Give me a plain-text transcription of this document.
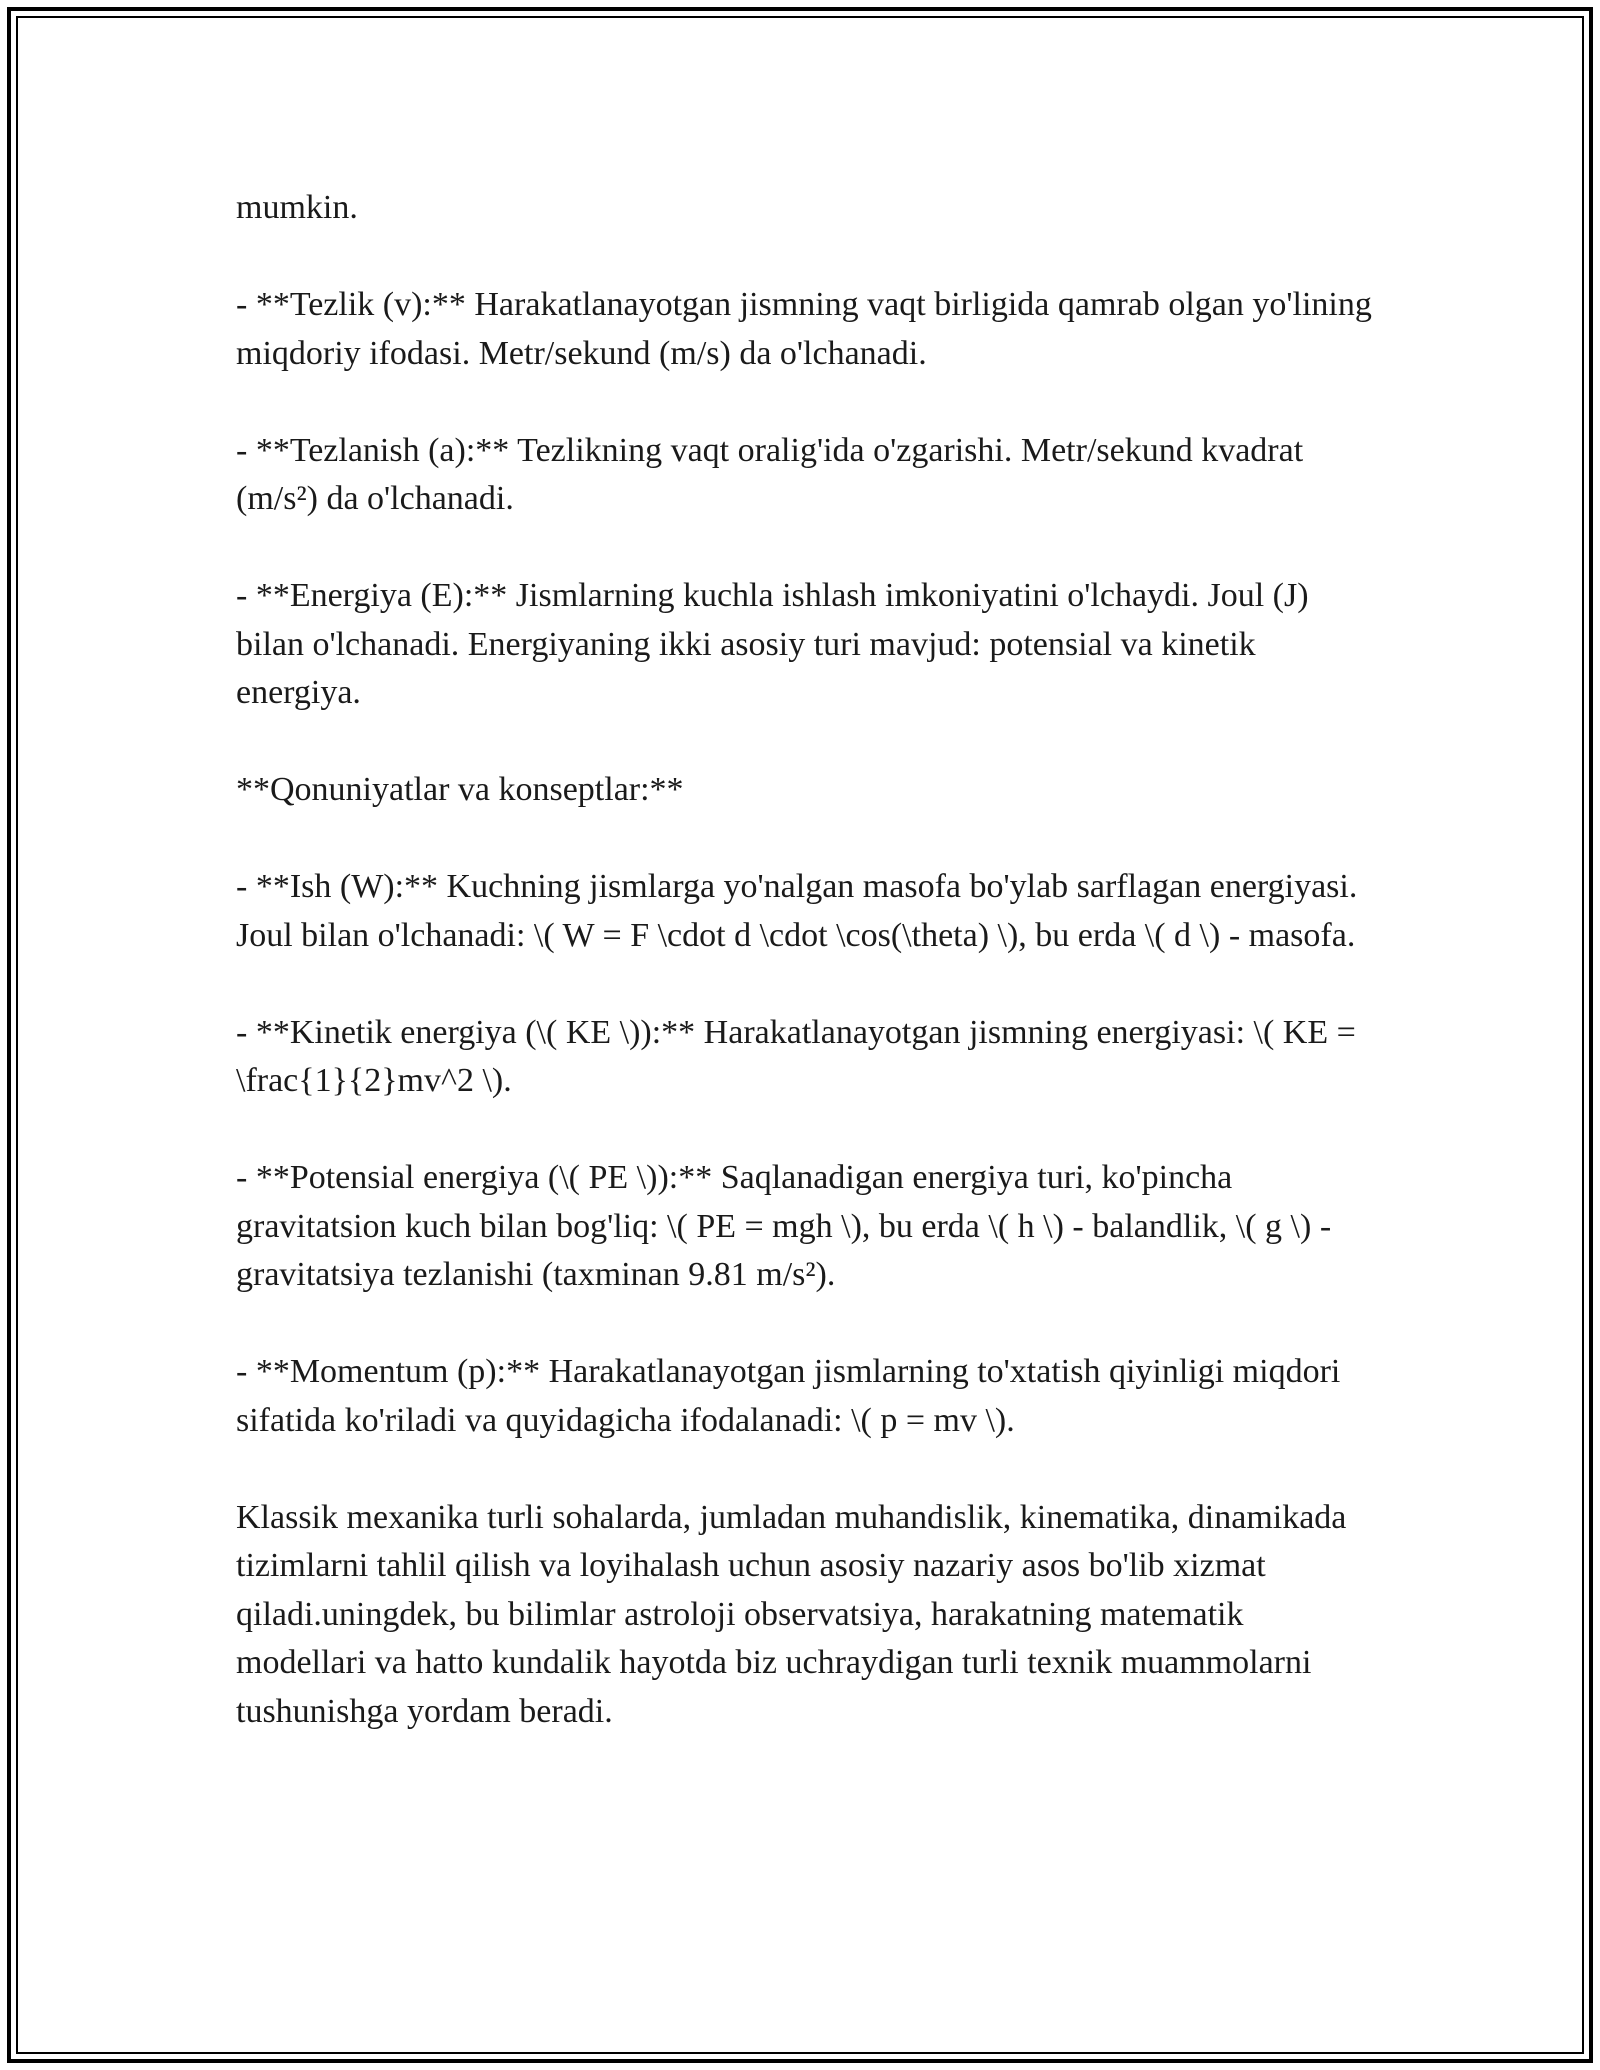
mumkin.

- **Tezlik (v):** Harakatlanayotgan jismning vaqt birligida qamrab olgan yo'lining miqdoriy ifodasi. Metr/sekund (m/s) da o'lchanadi.

- **Tezlanish (a):** Tezlikning vaqt oralig'ida o'zgarishi. Metr/sekund kvadrat (m/s²) da o'lchanadi.

- **Energiya (E):** Jismlarning kuchla ishlash imkoniyatini o'lchaydi. Joul (J) bilan o'lchanadi. Energiyaning ikki asosiy turi mavjud: potensial va kinetik energiya.

**Qonuniyatlar va konseptlar:**

- **Ish (W):** Kuchning jismlarga yo'nalgan masofa bo'ylab sarflagan energiyasi. Joul bilan o'lchanadi: \( W = F \cdot d \cdot \cos(\theta) \), bu erda \( d \) - masofa.

- **Kinetik energiya (\( KE \)):** Harakatlanayotgan jismning energiyasi: \( KE = \frac{1}{2}mv^2 \).

- **Potensial energiya (\( PE \)):** Saqlanadigan energiya turi, ko'pincha gravitatsion kuch bilan bog'liq: \( PE = mgh \), bu erda \( h \) - balandlik, \( g \) - gravitatsiya tezlanishi (taxminan 9.81 m/s²).

- **Momentum (p):** Harakatlanayotgan jismlarning to'xtatish qiyinligi miqdori sifatida ko'riladi va quyidagicha ifodalanadi: \( p = mv \).

Klassik mexanika turli sohalarda, jumladan muhandislik, kinematika, dinamikada tizimlarni tahlil qilish va loyihalash uchun asosiy nazariy asos bo'lib xizmat qiladi.uningdek, bu bilimlar astroloji observatsiya, harakatning matematik modellari va hatto kundalik hayotda biz uchraydigan turli texnik muammolarni tushunishga yordam beradi.
